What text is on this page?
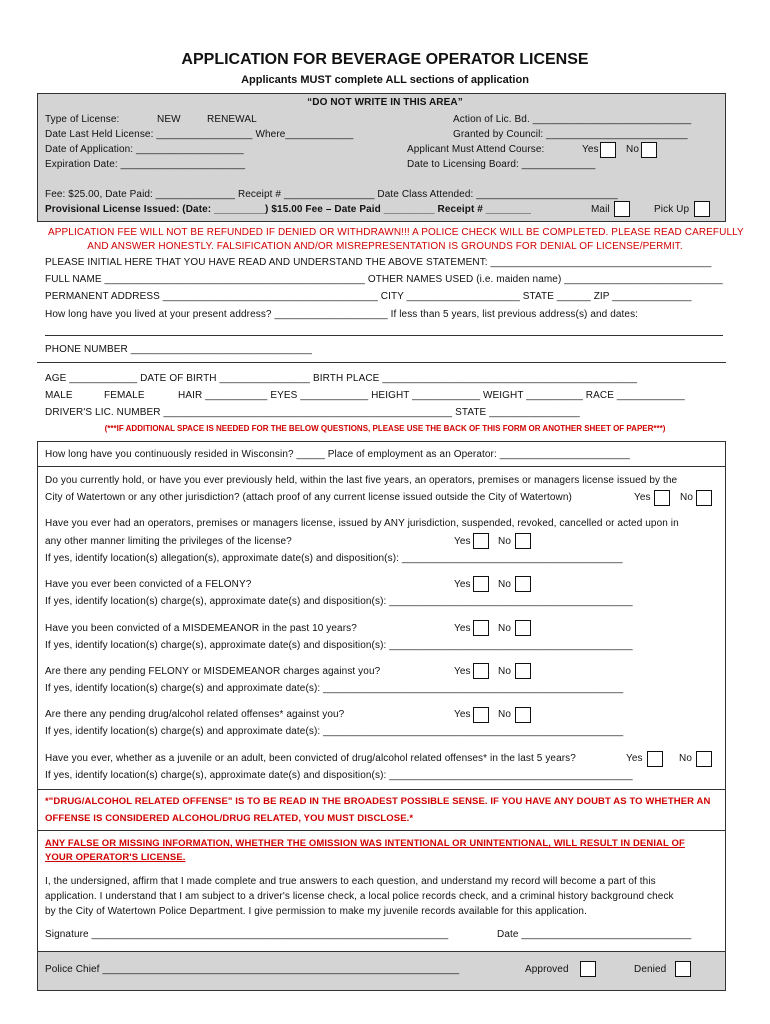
APPLICATION FOR BEVERAGE OPERATOR LICENSE
Applicants MUST complete ALL sections of application
“DO NOT WRITE IN THIS AREA”
Type of License:	NEW	RENEWAL
Date Last Held License: _________________ Where____________
Date of Application: ___________________
Expiration Date: ______________________
Action of Lic. Bd. ____________________________
Granted by Council: _________________________
Applicant Must Attend Course:	Yes	No
Date to Licensing Board: _____________
Fee: $25.00, Date Paid: ______________ Receipt # ________________ Date Class Attended: _________________________
Provisional License Issued: (Date: _________) $15.00 Fee – Date Paid _________ Receipt # ________	Mail	Pick Up
APPLICATION FEE WILL NOT BE REFUNDED IF DENIED OR WITHDRAWN!!! A POLICE CHECK WILL BE COMPLETED. PLEASE READ CAREFULLY
AND ANSWER HONESTLY. FALSIFICATION AND/OR MISREPRESENTATION IS GROUNDS FOR DENIAL OF LICENSE/PERMIT.
PLEASE INITIAL HERE THAT YOU HAVE READ AND UNDERSTAND THE ABOVE STATEMENT: _______________________________________
FULL NAME ______________________________________________ OTHER NAMES USED (i.e. maiden name) ____________________________
PERMANENT ADDRESS ______________________________________ CITY ____________________ STATE ______ ZIP ______________
How long have you lived at your present address? ____________________ If less than 5 years, list previous address(s) and dates:
PHONE NUMBER ________________________________
AGE ____________ DATE OF BIRTH ________________ BIRTH PLACE _____________________________________________
MALE	FEMALE	HAIR ___________ EYES ____________ HEIGHT ____________ WEIGHT __________ RACE ____________
DRIVER'S LIC. NUMBER ___________________________________________________ STATE ________________
(***IF ADDITIONAL SPACE IS NEEDED FOR THE BELOW QUESTIONS, PLEASE USE THE BACK OF THIS FORM OR ANOTHER SHEET OF PAPER***)
How long have you continuously resided in Wisconsin? _____ Place of employment as an Operator: _______________________
Do you currently hold, or have you ever previously held, within the last five years, an operators, premises or managers license issued by the
City of Watertown or any other jurisdiction? (attach proof of any current license issued outside the City of Watertown)	Yes	No
Have you ever had an operators, premises or managers license, issued by ANY jurisdiction, suspended, revoked, cancelled or acted upon in
any other manner limiting the privileges of the license?	Yes	No
If yes, identify location(s) allegation(s), approximate date(s) and disposition(s): _______________________________________
Have you ever been convicted of a FELONY?	Yes	No
If yes, identify location(s) charge(s), approximate date(s) and disposition(s): ___________________________________________
Have you been convicted of a MISDEMEANOR in the past 10 years?	Yes	No
If yes, identify location(s) charge(s), approximate date(s) and disposition(s): ___________________________________________
Are there any pending FELONY or MISDEMEANOR charges against you?	Yes	No
If yes, identify location(s) charge(s) and approximate date(s): _____________________________________________________
Are there any pending drug/alcohol related offenses* against you?	Yes	No
If yes, identify location(s) charge(s) and approximate date(s): _____________________________________________________
Have you ever, whether as a juvenile or an adult, been convicted of drug/alcohol related offenses* in the last 5 years?	Yes	No
If yes, identify location(s) charge(s), approximate date(s) and disposition(s): ___________________________________________
*"DRUG/ALCOHOL RELATED OFFENSE" IS TO BE READ IN THE BROADEST POSSIBLE SENSE. IF YOU HAVE ANY DOUBT AS TO WHETHER AN
OFFENSE IS CONSIDERED ALCOHOL/DRUG RELATED, YOU MUST DISCLOSE.*
ANY FALSE OR MISSING INFORMATION, WHETHER THE OMISSION WAS INTENTIONAL OR UNINTENTIONAL, WILL RESULT IN DENIAL OF
YOUR OPERATOR'S LICENSE.
I, the undersigned, affirm that I made complete and true answers to each question, and understand my record will become a part of this
application. I understand that I am subject to a driver's license check, a local police records check, and a criminal history background check
by the City of Watertown Police Department. I give permission to make my juvenile records available for this application.
Signature _______________________________________________________________	Date ______________________________
Police Chief _______________________________________________________________	Approved	Denied
